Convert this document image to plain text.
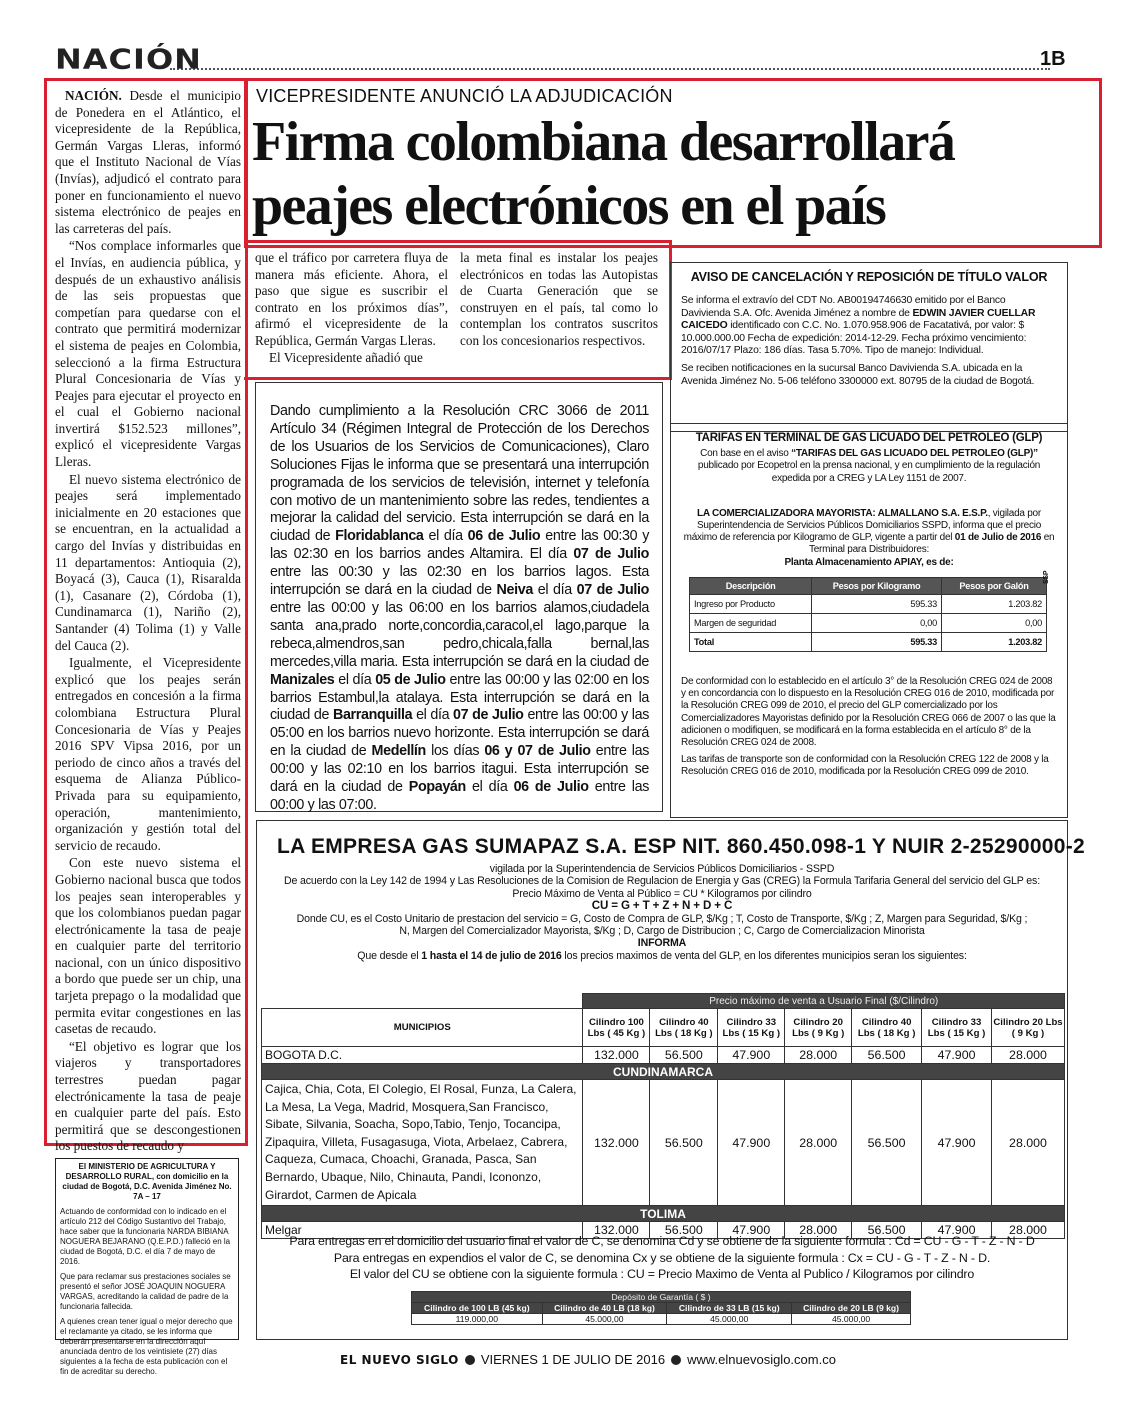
NACIÓN	1B
VICEPRESIDENTE ANUNCIÓ LA ADJUDICACIÓN
Firma colombiana desarrollará
peajes electrónicos en el país

NACIÓN. Desde el municipio de Ponedera en el Atlántico, el vicepresidente de la República, Germán Vargas Lleras, informó que el Instituto Nacional de Vías (Invías), adjudicó el contrato para poner en funcionamiento el nuevo sistema electrónico de peajes en las carreteras del país.

“Nos complace informarles que el Invías, en audiencia pública, y después de un exhaustivo análisis de las seis propuestas que competían para quedarse con el contrato que permitirá modernizar el sistema de peajes en Colombia, seleccionó a la firma Estructura Plural Concesionaria de Vías y Peajes para ejecutar el proyecto en el cual el Gobierno nacional invertirá $152.523 millones”, explicó el vicepresidente Vargas Lleras.

El nuevo sistema electrónico de peajes será implementado inicialmente en 20 estaciones que se encuentran, en la actualidad a cargo del Invías y distribuidas en 11 departamentos: Antioquia (2), Boyacá (3), Cauca (1), Risaralda (1), Casanare (2), Córdoba (1), Cundinamarca (1), Nariño (2), Santander (4) Tolima (1) y Valle del Cauca (2).

Igualmente, el Vicepresidente explicó que los peajes serán entregados en concesión a la firma colombiana Estructura Plural Concesionaria de Vías y Peajes 2016 SPV Vipsa 2016, por un periodo de cinco años a través del esquema de Alianza Público-Privada para su equipamiento, operación, mantenimiento, organización y gestión total del servicio de recaudo.

Con este nuevo sistema el Gobierno nacional busca que todos los peajes sean interoperables y que los colombianos puedan pagar electrónicamente la tasa de peaje en cualquier parte del territorio nacional, con un único dispositivo a bordo que puede ser un chip, una tarjeta prepago o la modalidad que permita evitar congestiones en las casetas de recaudo.

“El objetivo es lograr que los viajeros y transportadores terrestres puedan pagar electrónicamente la tasa de peaje en cualquier parte del país. Esto permitirá que se descongestionen los puestos de recaudo y

que el tráfico por carretera fluya de manera más eficiente. Ahora, el paso que sigue es suscribir el contrato en los próximos días”, afirmó el vicepresidente de la República, Germán Vargas Lleras.
El Vicepresidente añadió que
la meta final es instalar los peajes electrónicos en todas las Autopistas de Cuarta Generación que se construyen en el país, tal como lo contemplan los contratos suscritos con los concesionarios respectivos.
El MINISTERIO DE AGRICULTURA Y DESARROLLO RURAL, con domicilio en la ciudad de Bogotá, D.C. Avenida Jiménez No. 7A – 17

Actuando de conformidad con lo indicado en el artículo 212 del Código Sustantivo del Trabajo, hace saber que la funcionaria NARDA BIBIANA NOGUERA BEJARANO (Q.E.P.D.) falleció en la ciudad de Bogotá, D.C. el día 7 de mayo de 2016.

Que para reclamar sus prestaciones sociales se presentó el señor JOSÉ JOAQUIN NOGUERA VARGAS, acreditando la calidad de padre de la funcionaria fallecida.

A quienes crean tener igual o mejor derecho que el reclamante ya citado, se les informa que deberán presentarse en la dirección aquí anunciada dentro de los veintisiete (27) días siguientes a la fecha de esta publicación con el fin de acreditar su derecho.

Dando cumplimiento a la Resolución CRC 3066 de 2011 Artículo 34 (Régimen Integral de Protección de los Derechos de los Usuarios de los Servicios de Comunicaciones), Claro Soluciones Fijas le informa que se presentará una interrupción programada de los servicios de televisión, internet y telefonía con motivo de un mantenimiento sobre las redes, tendientes a mejorar la calidad del servicio. Esta interrupción se dará en la ciudad de Floridablanca el día 06 de Julio entre las 00:30 y las 02:30 en los barrios andes Altamira. El día 07 de Julio entre las 00:30 y las 02:30 en los barrios lagos. Esta interrupción se dará en la ciudad de Neiva el día 07 de Julio entre las 00:00 y las 06:00 en los barrios alamos,ciudadela santa ana,prado norte,concordia,caracol,el lago,parque la rebeca,almendros,san pedro,chicala,falla bernal,las mercedes,villa maria. Esta interrupción se dará en la ciudad de Manizales el día 05 de Julio entre las 00:00 y las 02:00 en los barrios Estambul,la atalaya. Esta interrupción se dará en la ciudad de Barranquilla el día 07 de Julio entre las 00:00 y las 05:00 en los barrios nuevo horizonte. Esta interrupción se dará en la ciudad de Medellín los días 06 y 07 de Julio entre las 00:00 y las 02:10 en los barrios itagui. Esta interrupción se dará en la ciudad de Popayán el día 06 de Julio entre las 00:00 y las 07:00.
AVISO DE CANCELACIÓN Y REPOSICIÓN DE TÍTULO VALOR

Se informa el extravío del CDT No. AB00194746630 emitido por el Banco Davivienda S.A. Ofc. Avenida Jiménez a nombre de EDWIN JAVIER CUELLAR CAICEDO identificado con C.C. No. 1.070.958.906 de Facatativá, por valor: $ 10.000.000.00 Fecha de expedición: 2014-12-29. Fecha próximo vencimiento: 2016/07/17 Plazo: 186 días. Tasa 5.70%. Tipo de manejo: Individual.

Se reciben notificaciones en la sucursal Banco Davivienda S.A. ubicada en la Avenida Jiménez No. 5-06 teléfono 3300000 ext. 80795 de la ciudad de Bogotá.

TARIFAS EN TERMINAL DE GAS LICUADO DEL PETROLEO (GLP)

Con base en el aviso “TARIFAS DEL GAS LICUADO DEL PETROLEO (GLP)” publicado por Ecopetrol en la prensa nacional, y en cumplimiento de la regulación expedida por a CREG y LA Ley 1151 de 2007.

LA COMERCIALIZADORA MAYORISTA: ALMALLANO S.A. E.S.P., vigilada por Superintendencia de Servicios Públicos Domiciliarios SSPD, informa que el precio máximo de referencia por Kilogramo de GLP, vigente a partir del 01 de Julio de 2016 en Terminal para Distribuidores:

Planta Almacenamiento APIAY, es de:

SSP
Descripción	Pesos por Kilogramo	Pesos por Galón
Ingreso por Producto	595.33	1.203.82
Margen de seguridad	0,00	0,00
Total	595.33	1.203.82

De conformidad con lo establecido en el artículo 3° de la Resolución CREG 024 de 2008 y en concordancia con lo dispuesto en la Resolución CREG 016 de 2010, modificada por la Resolución CREG 099 de 2010, el precio del GLP comercializado por los Comercializadores Mayoristas definido por la Resolución CREG 066 de 2007 o las que la adicionen o modifiquen, se modificará en la forma establecida en el artículo 8° de la Resolución CREG 024 de 2008.

Las tarifas de transporte son de conformidad con la Resolución CREG 122 de 2008 y la Resolución CREG 016 de 2010, modificada por la Resolución CREG 099 de 2010.

LA EMPRESA GAS SUMAPAZ S.A. ESP NIT. 860.450.098-1 Y NUIR 2-25290000-2
vigilada por la Superintendencia de Servicios Públicos Domiciliarios - SSPD
De acuerdo con la Ley 142 de 1994 y Las Resoluciones de la Comision de Regulacion de Energia y Gas (CREG) la Formula Tarifaria General del servicio del GLP es:
Precio Máximo de Venta al Público = CU * Kilogramos por cilindro
CU = G + T + Z + N + D + C
Donde CU, es el Costo Unitario de prestacion del servicio = G, Costo de Compra de GLP, $/Kg ; T, Costo de Transporte, $/Kg ; Z, Margen para Seguridad, $/Kg ;
N, Margen del Comercializador Mayorista, $/Kg ; D, Cargo de Distribucion ; C, Cargo de Comercializacion Minorista
INFORMA
Que desde el 1 hasta el 14 de julio de 2016 los precios maximos de venta del GLP, en los diferentes municipios seran los siguientes:
	Precio máximo de venta a Usuario Final ($/Cilindro)						
MUNICIPIOS	Cilindro 100 Lbs ( 45 Kg )	Cilindro 40 Lbs ( 18 Kg )	Cilindro 33 Lbs ( 15 Kg )	Cilindro 20 Lbs ( 9 Kg )	Cilindro 40 Lbs ( 18 Kg )	Cilindro 33 Lbs ( 15 Kg )	Cilindro 20 Lbs ( 9 Kg )
BOGOTA D.C.	132.000	56.500	47.900	28.000	56.500	47.900	28.000
CUNDINAMARCA							
Cajica, Chia, Cota, El Colegio, El Rosal, Funza, La Calera, La Mesa, La Vega, Madrid, Mosquera,San Francisco, Sibate, Silvania, Soacha, Sopo,Tabio, Tenjo, Tocancipa, Zipaquira, Villeta, Fusagasuga, Viota, Arbelaez, Cabrera, Caqueza, Cumaca, Choachi, Granada, Pasca, San Bernardo, Ubaque, Nilo, Chinauta, Pandi, Icononzo, Girardot, Carmen de Apicala	132.000	56.500	47.900	28.000	56.500	47.900	28.000
TOLIMA							
Melgar	132.000	56.500	47.900	28.000	56.500	47.900	28.000
Para entregas en el domicilio del usuario final el valor de C, se denomina Cd y se obtiene de la siguiente formula : Cd = CU - G - T - Z - N - D
Para entregas en expendios el valor de C, se denomina Cx y se obtiene de la siguiente formula : Cx = CU - G - T - Z - N - D.
El valor del CU se obtiene con la siguiente formula : CU = Precio Maximo de Venta al Publico / Kilogramos por cilindro
Depósito de Garantía ( $ )			
Cilindro de 100 LB (45 kg)	Cilindro de 40 LB (18 kg)	Cilindro de 33 LB (15 kg)	Cilindro de 20 LB (9 kg)
119.000,00	45.000,00	45.000,00	45.000,00
EL NUEVO SIGLO VIERNES 1 DE JULIO DE 2016 www.elnuevosiglo.com.co
